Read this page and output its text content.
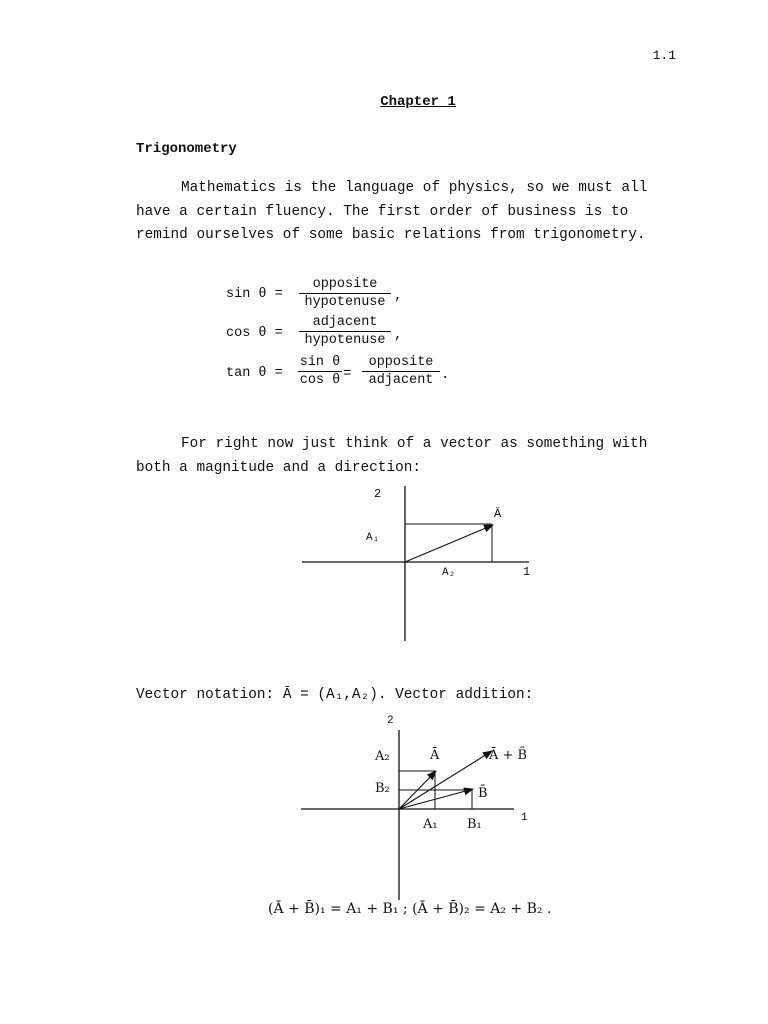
1.1
Chapter 1
Trigonometry

Mathematics is the language of physics, so we must all

have a certain fluency. The first order of business is to

remind ourselves of some basic relations from trigonometry.

sin θ =
opposite
hypotenuse ,
cos θ =
adjacent
hypotenuse ,
tan θ =
sin θ
cos θ =
opposite
adjacent .

For right now just think of a vector as something with

both a magnitude and a direction:

2
1
Ā
A₁
A₂
Vector notation: Ā = (A₁,A₂). Vector addition:
2
1
A₂
B₂
A₁ B₁
Ā
B̄
Ā + B̄
(Ā + B̄)₁ = A₁ + B₁ ; (Ā + B̄)₂ = A₂ + B₂ .
